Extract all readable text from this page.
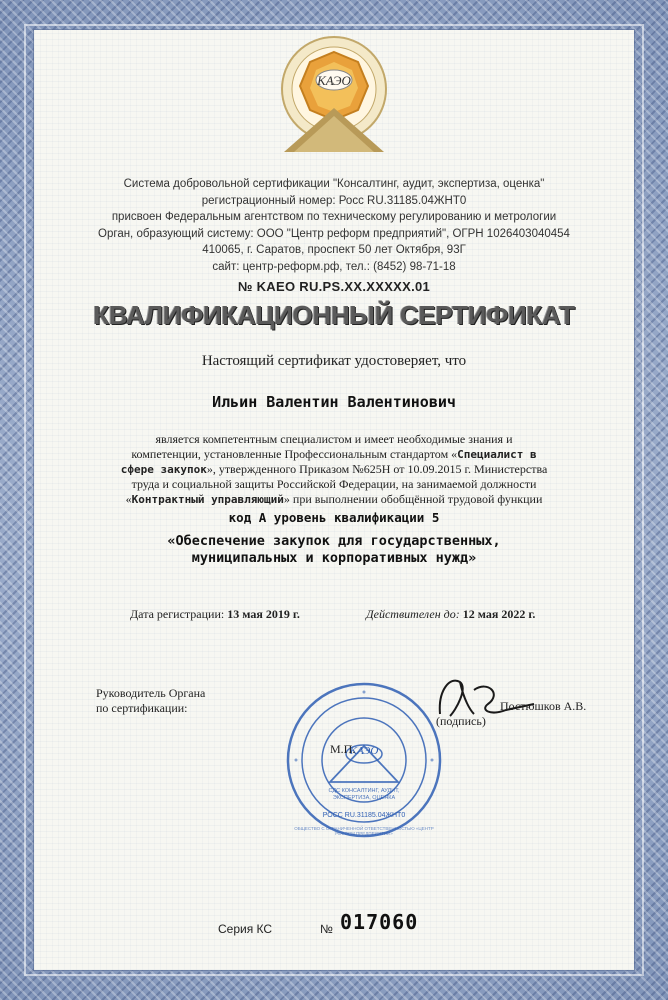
КАЭО
Система добровольной сертификации "Консалтинг, аудит, экспертиза, оценка"
регистрационный номер: Росс RU.31185.04ЖНТ0
присвоен Федеральным агентством по техническому регулированию и метрологии
Орган, образующий систему: ООО "Центр реформ предприятий", ОГРН 1026403040454
410065, г. Саратов, проспект 50 лет Октября, 93Г
сайт: центр-реформ.рф, тел.: (8452) 98-71-18
№ KAEO RU.PS.XX.XXXXX.01
КВАЛИФИКАЦИОННЫЙ СЕРТИФИКАТ
Настоящий сертификат удостоверяет, что
Ильин Валентин Валентинович
является компетентным специалистом и имеет необходимые знания и
компетенции, установленные Профессиональным стандартом «Специалист в
сфере закупок», утвержденного Приказом №625Н от 10.09.2015 г. Министерства
труда и социальной защиты Российской Федерации, на занимаемой должности
«Контрактный управляющий» при выполнении обобщённой трудовой функции
код А уровень квалификации 5
«Обеспечение закупок для государственных,
муниципальных и корпоративных нужд»
Дата регистрации: 13 мая 2019 г.	Действителен до: 12 мая 2022 г.
Руководитель Органа
по сертификации:	Постюшков А.В.
(подпись)
КАЭО
СДС КОНСАЛТИНГ, АУДИТ, ЭКСПЕРТИЗА, ОЦЕНКА
РОСС RU.31185.04ЖНТ0
ОБЩЕСТВО С ОГРАНИЧЕННОЙ ОТВЕТСТВЕННОСТЬЮ «ЦЕНТР РЕФОРМ ПРЕДПРИЯТИЙ»
М.П.
Серия КС	№ 017060
